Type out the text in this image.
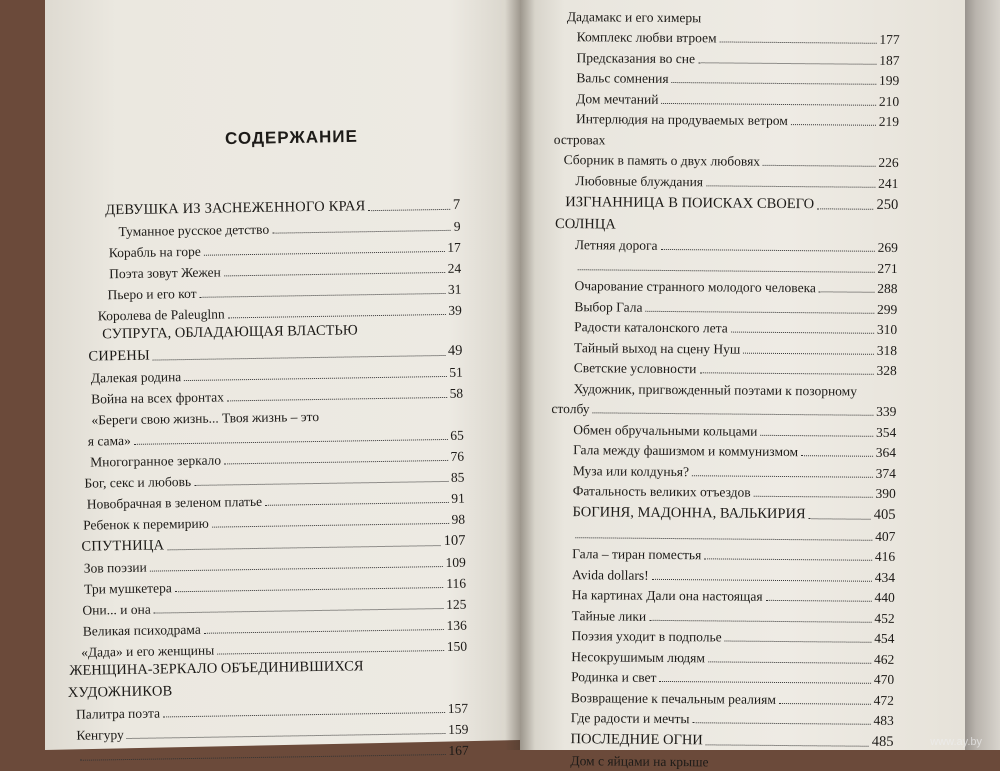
СОДЕРЖАНИЕ
ДЕВУШКА ИЗ ЗАСНЕЖЕННОГО КРАЯ	7
Туманное русское детство	9
Корабль на горе	17
Поэта зовут Жежен	24
Пьеро и его кот	31
Королева de Paleuglnn	39
СУПРУГА, ОБЛАДАЮЩАЯ ВЛАСТЬЮ
СИРЕНЫ	49
Далекая родина	51
Война на всех фронтах	58
«Береги свою жизнь... Твоя жизнь – это
я сама»	65
Многогранное зеркало	76
Бог, секс и любовь	85
Новобрачная в зеленом платье	91
Ребенок к перемирию	98
СПУТНИЦА	107
Зов поэзии	109
Три мушкетера	116
Они... и она	125
Великая психодрама	136
«Дада» и его женщины	150
ЖЕНЩИНА-ЗЕРКАЛО ОБЪЕДИНИВШИХСЯ
ХУДОЖНИКОВ
Палитра поэта	157
Кенгуру	159
167
Дадамакс и его химеры
Комплекс любви втроем	177
Предсказания во сне	187
Вальс сомнения	199
Дом мечтаний	210
Интерлюдия на продуваемых ветром	219
островах
Сборник в память о двух любовях	226
Любовные блуждания	241
ИЗГНАННИЦА В ПОИСКАХ СВОЕГО	250
СОЛНЦА
Летняя дорога	269
271
Очарование странного молодого человека	288
Выбор Гала	299
Радости каталонского лета	310
Тайный выход на сцену Нуш	318
Светские условности	328
Художник, пригвожденный поэтами к позорному
столбу	339
Обмен обручальными кольцами	354
Гала между фашизмом и коммунизмом	364
Муза или колдунья?	374
Фатальность великих отъездов	390
БОГИНЯ, МАДОННА, ВАЛЬКИРИЯ	405
407
Гала – тиран поместья	416
Avida dollars!	434
На картинах Дали она настоящая	440
Тайные лики	452
Поэзия уходит в подполье	454
Несокрушимым людям	462
Родинка и свет	470
Возвращение к печальным реалиям	472
Где радости и мечты	483
ПОСЛЕДНИЕ ОГНИ	485
Дом с яйцами на крыше
www.ay.by
